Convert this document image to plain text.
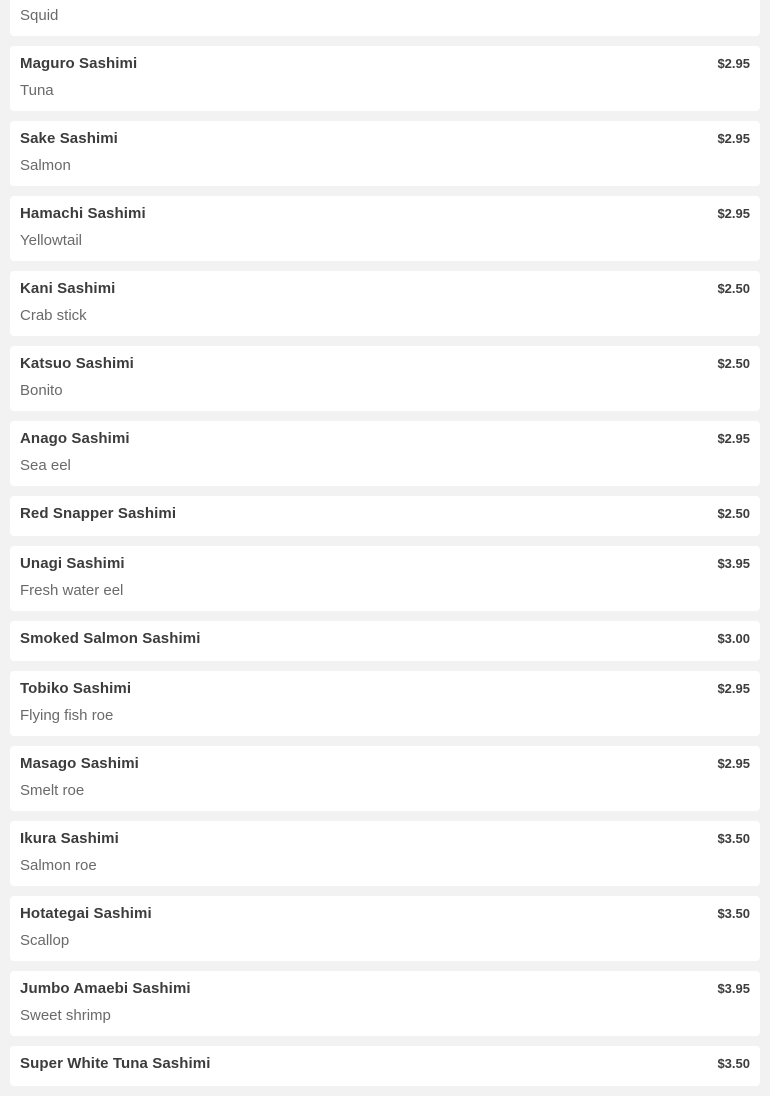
Squid
Maguro Sashimi	$2.95
Tuna
Sake Sashimi	$2.95
Salmon
Hamachi Sashimi	$2.95
Yellowtail
Kani Sashimi	$2.50
Crab stick
Katsuo Sashimi	$2.50
Bonito
Anago Sashimi	$2.95
Sea eel
Red Snapper Sashimi	$2.50
Unagi Sashimi	$3.95
Fresh water eel
Smoked Salmon Sashimi	$3.00
Tobiko Sashimi	$2.95
Flying fish roe
Masago Sashimi	$2.95
Smelt roe
Ikura Sashimi	$3.50
Salmon roe
Hotategai Sashimi	$3.50
Scallop
Jumbo Amaebi Sashimi	$3.95
Sweet shrimp
Super White Tuna Sashimi	$3.50
